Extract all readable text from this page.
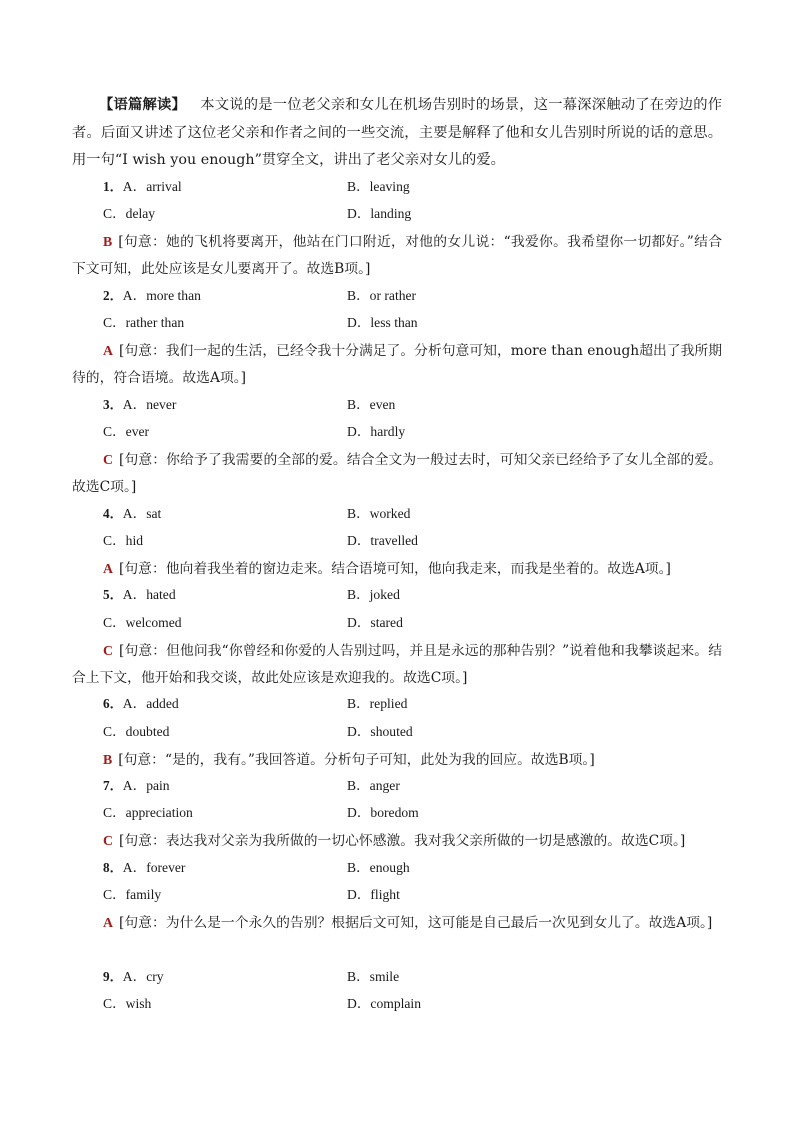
【语篇解读】 本文说的是一位老父亲和女儿在机场告别时的场景，这一幕深深触动了在旁边的作者。后面又讲述了这位老父亲和作者之间的一些交流，主要是解释了他和女儿告别时所说的话的意思。用一句“I wish you enough”贯穿全文，讲出了老父亲对女儿的爱。

1．A．arrival	B．leaving
C．delay	D．landing

B [句意：她的飞机将要离开，他站在门口附近，对他的女儿说：“我爱你。我希望你一切都好。”结合下文可知，此处应该是女儿要离开了。故选B项。]

2．A．more than	B．or rather
C．rather than	D．less than

A [句意：我们一起的生活，已经令我十分满足了。分析句意可知，more than enough超出了我所期待的，符合语境。故选A项。]

3．A．never	B．even
C．ever	D．hardly

C [句意：你给予了我需要的全部的爱。结合全文为一般过去时，可知父亲已经给予了女儿全部的爱。故选C项。]

4．A．sat	B．worked
C．hid	D．travelled

A [句意：他向着我坐着的窗边走来。结合语境可知，他向我走来，而我是坐着的。故选A项。]

5．A．hated	B．joked
C．welcomed	D．stared

C [句意：但他问我“你曾经和你爱的人告别过吗，并且是永远的那种告别？”说着他和我攀谈起来。结合上下文，他开始和我交谈，故此处应该是欢迎我的。故选C项。]

6．A．added	B．replied
C．doubted	D．shouted

B [句意：“是的，我有。”我回答道。分析句子可知，此处为我的回应。故选B项。]

7．A．pain	B．anger
C．appreciation	D．boredom

C [句意：表达我对父亲为我所做的一切心怀感激。我对我父亲所做的一切是感激的。故选C项。]

8．A．forever	B．enough
C．family	D．flight

A [句意：为什么是一个永久的告别？根据后文可知，这可能是自己最后一次见到女儿了。故选A项。]

9．A．cry	B．smile
C．wish	D．complain
